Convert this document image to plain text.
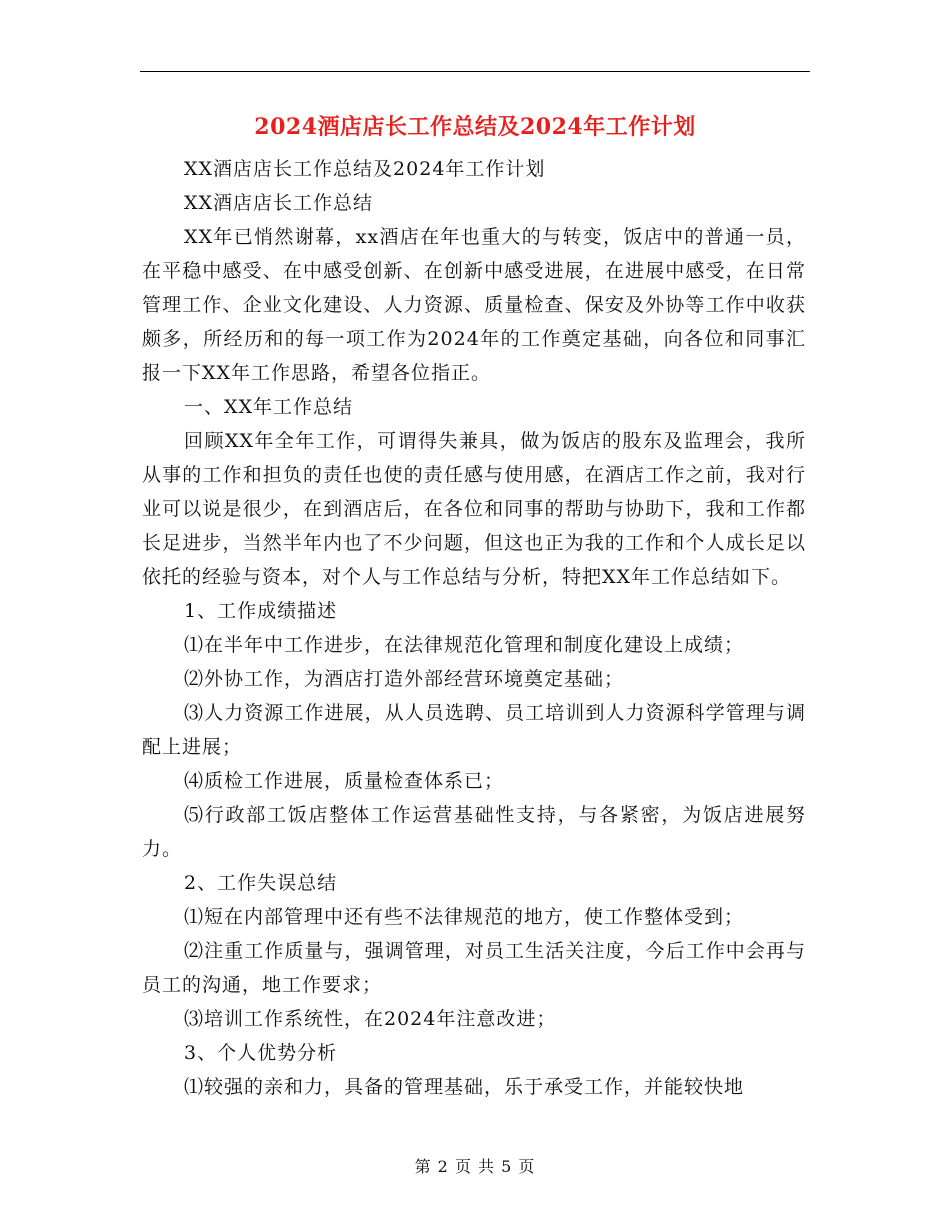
2024酒店店长工作总结及2024年工作计划

XX酒店店长工作总结及2024年工作计划

XX酒店店长工作总结

XX年已悄然谢幕，xx酒店在年也重大的与转变，饭店中的普通一员，在平稳中感受、在中感受创新、在创新中感受进展，在进展中感受，在日常管理工作、企业文化建设、人力资源、质量检查、保安及外协等工作中收获颇多，所经历和的每一项工作为2024年的工作奠定基础，向各位和同事汇报一下XX年工作思路，希望各位指正。

一、XX年工作总结

回顾XX年全年工作，可谓得失兼具，做为饭店的股东及监理会，我所从事的工作和担负的责任也使的责任感与使用感，在酒店工作之前，我对行业可以说是很少，在到酒店后，在各位和同事的帮助与协助下，我和工作都长足进步，当然半年内也了不少问题，但这也正为我的工作和个人成长足以依托的经验与资本，对个人与工作总结与分析，特把XX年工作总结如下。

1、工作成绩描述

⑴在半年中工作进步，在法律规范化管理和制度化建设上成绩；

⑵外协工作，为酒店打造外部经营环境奠定基础；

⑶人力资源工作进展，从人员选聘、员工培训到人力资源科学管理与调配上进展；

⑷质检工作进展，质量检查体系已；

⑸行政部工饭店整体工作运营基础性支持，与各紧密，为饭店进展努力。

2、工作失误总结

⑴短在内部管理中还有些不法律规范的地方，使工作整体受到；

⑵注重工作质量与，强调管理，对员工生活关注度，今后工作中会再与员工的沟通，地工作要求；

⑶培训工作系统性，在2024年注意改进；

3、个人优势分析

⑴较强的亲和力，具备的管理基础，乐于承受工作，并能较快地

第 2 页 共 5 页
